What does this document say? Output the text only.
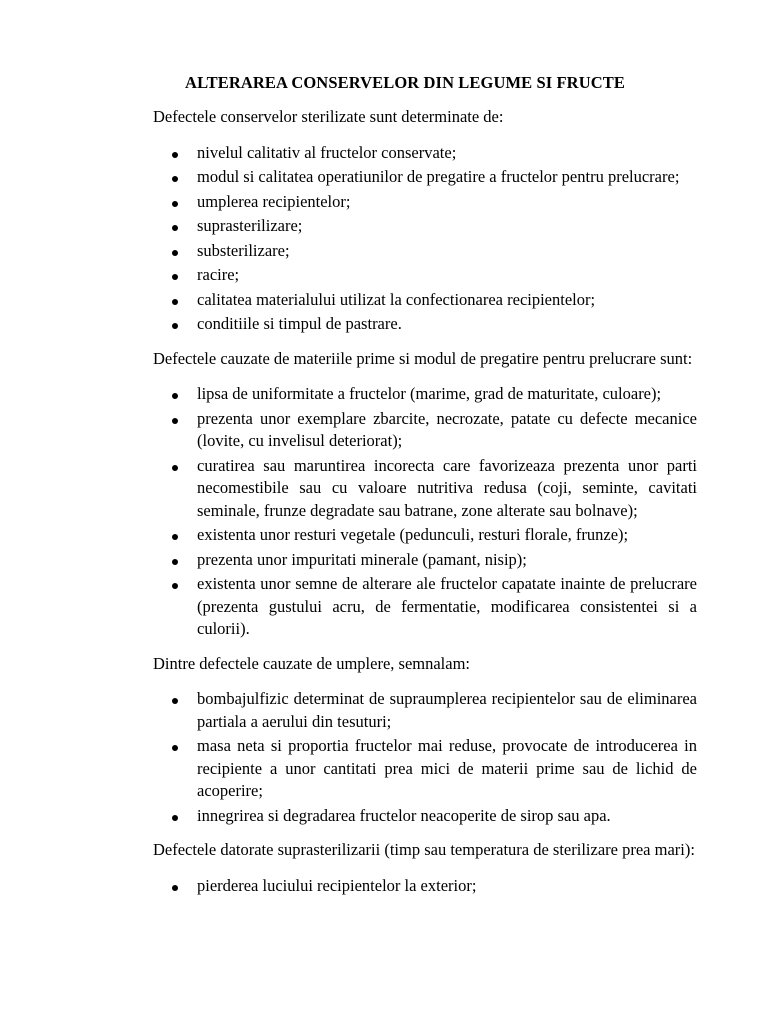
ALTERAREA CONSERVELOR DIN LEGUME SI FRUCTE

Defectele conservelor sterilizate sunt determinate de:

nivelul calitativ al fructelor conservate;
modul si calitatea operatiunilor de pregatire a fructelor pentru prelucrare;
umplerea recipientelor;
suprasterilizare;
substerilizare;
racire;
calitatea materialului utilizat la confectionarea recipientelor;
conditiile si timpul de pastrare.

Defectele cauzate de materiile prime si modul de pregatire pentru prelucrare sunt:

lipsa de uniformitate a fructelor (marime, grad de maturitate, culoare);
prezenta unor exemplare zbarcite, necrozate, patate cu defecte mecanice (lovite, cu invelisul deteriorat);
curatirea sau maruntirea incorecta care favorizeaza prezenta unor parti necomestibile sau cu valoare nutritiva redusa (coji, seminte, cavitati seminale, frunze degradate sau batrane, zone alterate sau bolnave);
existenta unor resturi vegetale (pedunculi, resturi florale, frunze);
prezenta unor impuritati minerale (pamant, nisip);
existenta unor semne de alterare ale fructelor capatate inainte de prelucrare (prezenta gustului acru, de fermentatie, modificarea consistentei si a culorii).

Dintre defectele cauzate de umplere, semnalam:

bombajulfizic determinat de supraumplerea recipientelor sau de eliminarea partiala a aerului din tesuturi;
masa neta si proportia fructelor mai reduse, provocate de introducerea in recipiente a unor cantitati prea mici de materii prime sau de lichid de acoperire;
innegrirea si degradarea fructelor neacoperite de sirop sau apa.

Defectele datorate suprasterilizarii (timp sau temperatura de sterilizare prea mari):

pierderea luciului recipientelor la exterior;
